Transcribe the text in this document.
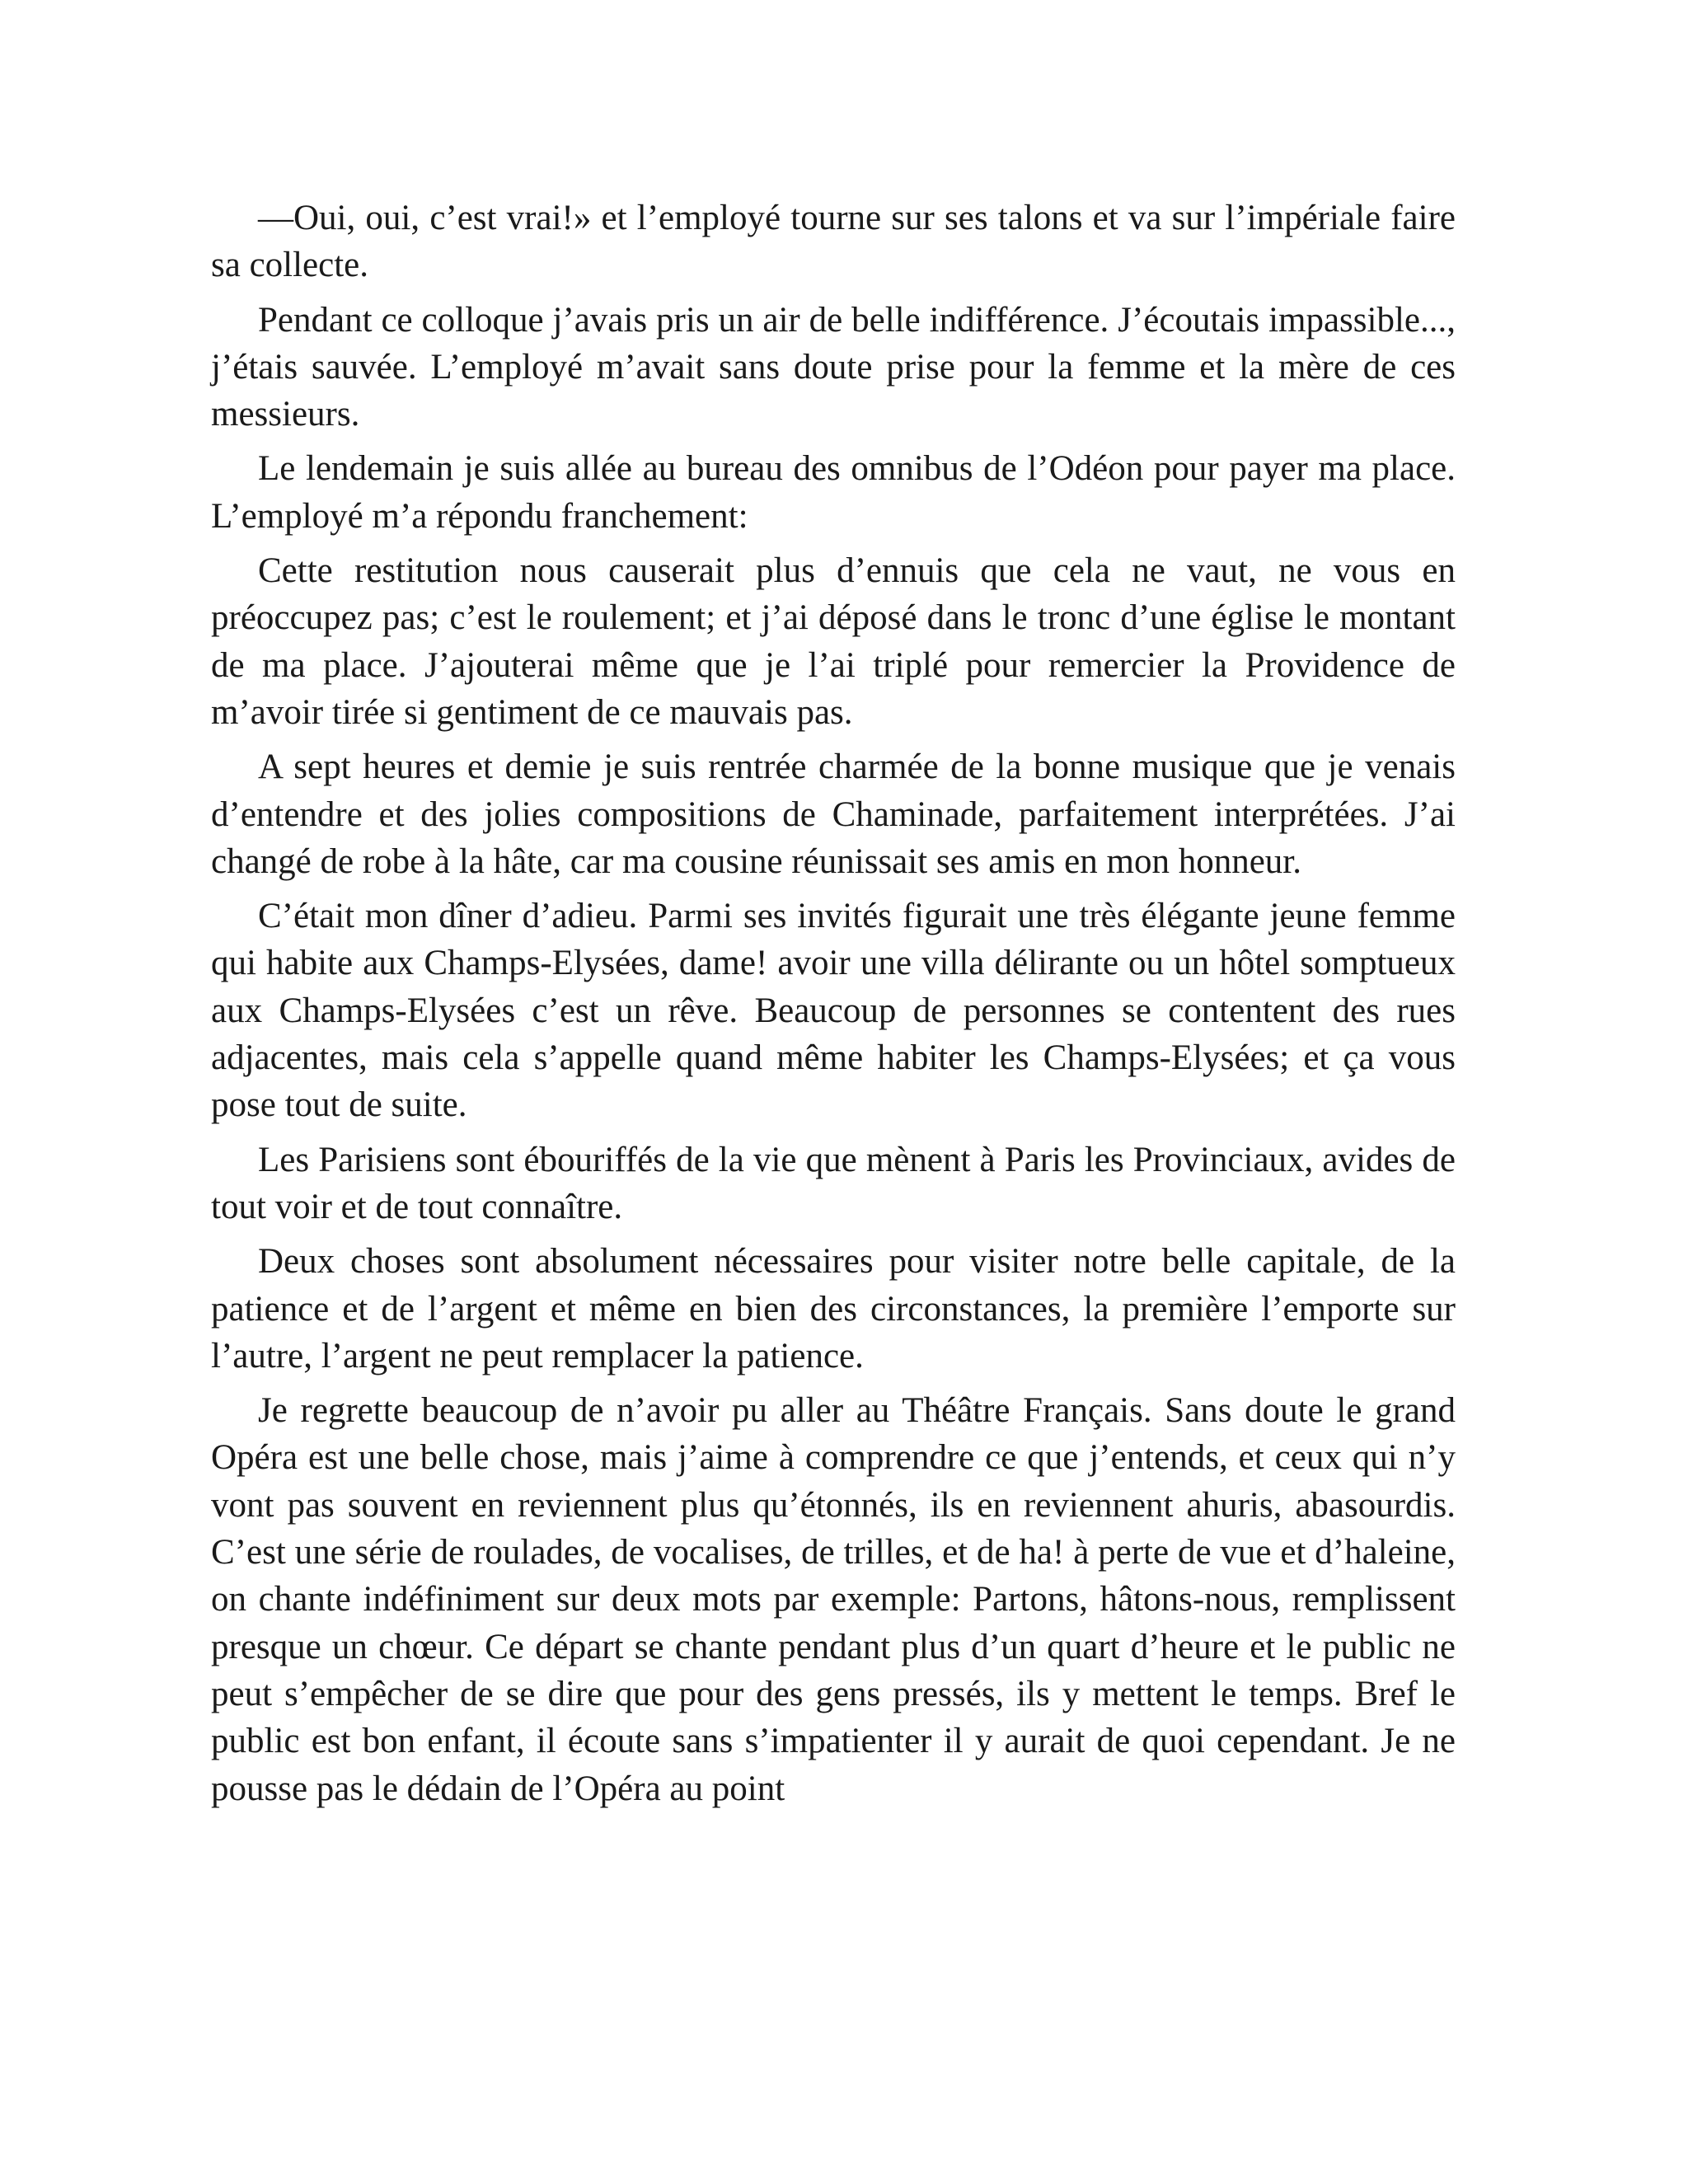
—Oui, oui, c’est vrai!» et l’employé tourne sur ses talons et va sur l’impériale faire sa collecte.

Pendant ce colloque j’avais pris un air de belle indifférence. J’écoutais impassible..., j’étais sauvée. L’employé m’avait sans doute prise pour la femme et la mère de ces messieurs.

Le lendemain je suis allée au bureau des omnibus de l’Odéon pour payer ma place. L’employé m’a répondu franchement:

Cette restitution nous causerait plus d’ennuis que cela ne vaut, ne vous en préoccupez pas; c’est le roulement; et j’ai déposé dans le tronc d’une église le montant de ma place. J’ajouterai même que je l’ai triplé pour remercier la Providence de m’avoir tirée si gentiment de ce mauvais pas.

A sept heures et demie je suis rentrée charmée de la bonne musique que je venais d’entendre et des jolies compositions de Chaminade, parfaitement interprétées. J’ai changé de robe à la hâte, car ma cousine réunissait ses amis en mon honneur.

C’était mon dîner d’adieu. Parmi ses invités figurait une très élégante jeune femme qui habite aux Champs-Elysées, dame! avoir une villa délirante ou un hôtel somptueux aux Champs-Elysées c’est un rêve. Beaucoup de personnes se contentent des rues adjacentes, mais cela s’appelle quand même habiter les Champs-Elysées; et ça vous pose tout de suite.

Les Parisiens sont ébouriffés de la vie que mènent à Paris les Provinciaux, avides de tout voir et de tout connaître.

Deux choses sont absolument nécessaires pour visiter notre belle capitale, de la patience et de l’argent et même en bien des circonstances, la première l’emporte sur l’autre, l’argent ne peut remplacer la patience.

Je regrette beaucoup de n’avoir pu aller au Théâtre Français. Sans doute le grand Opéra est une belle chose, mais j’aime à comprendre ce que j’entends, et ceux qui n’y vont pas souvent en reviennent plus qu’étonnés, ils en reviennent ahuris, abasourdis. C’est une série de roulades, de vocalises, de trilles, et de ha! à perte de vue et d’haleine, on chante indéfiniment sur deux mots par exemple: Partons, hâtons-nous, remplissent presque un chœur. Ce départ se chante pendant plus d’un quart d’heure et le public ne peut s’empêcher de se dire que pour des gens pressés, ils y mettent le temps. Bref le public est bon enfant, il écoute sans s’impatienter il y aurait de quoi cependant. Je ne pousse pas le dédain de l’Opéra au point
